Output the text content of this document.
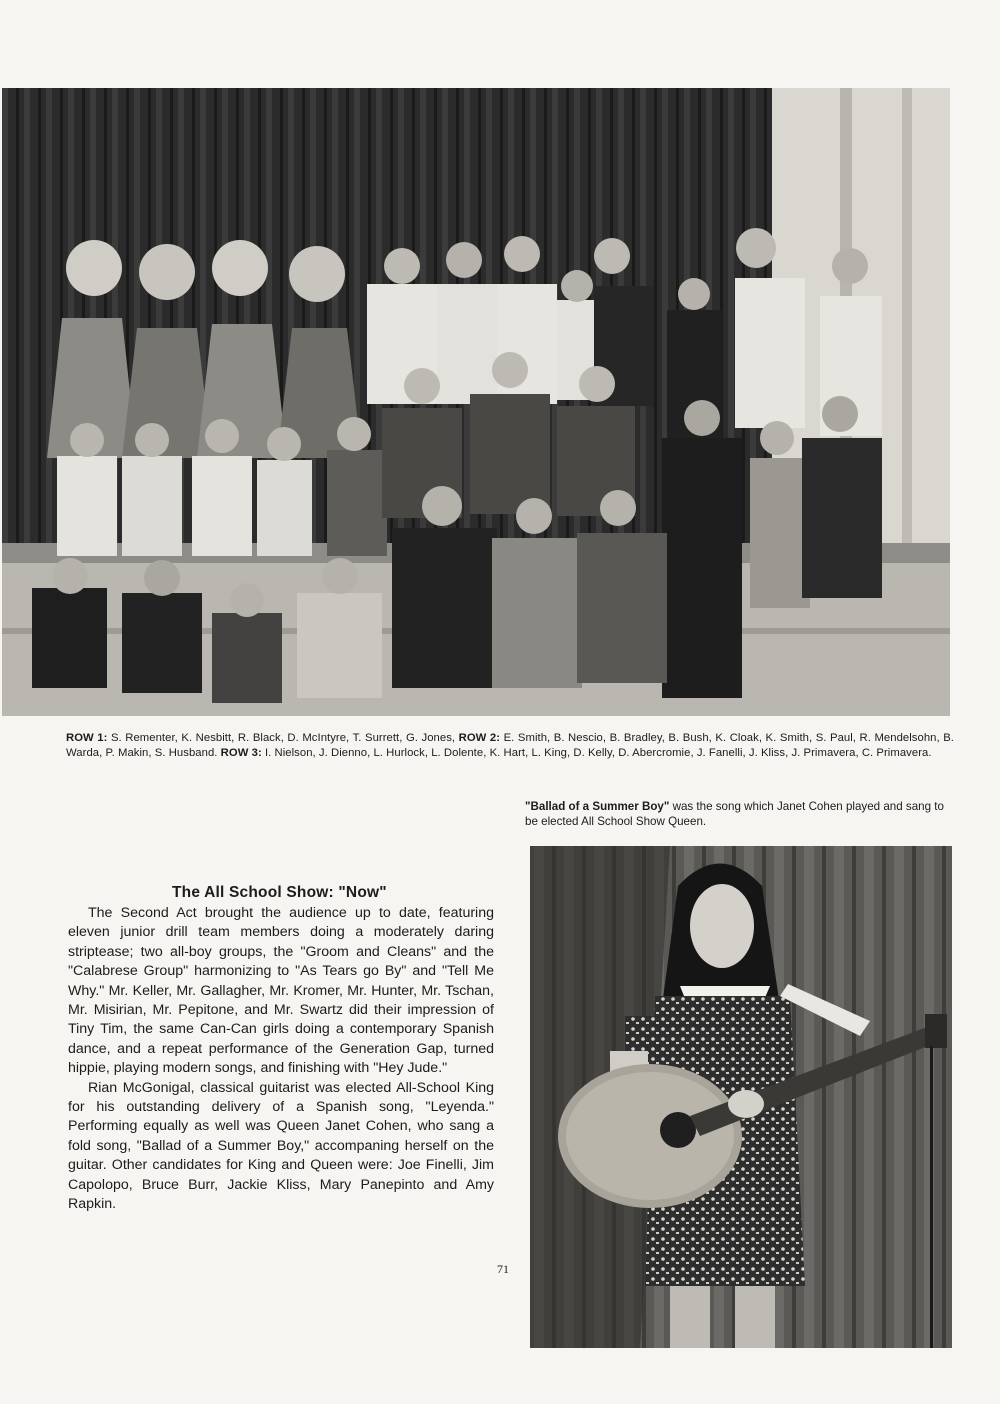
ROW 1: S. Rementer, K. Nesbitt, R. Black, D. McIntyre, T. Surrett, G. Jones, ROW 2: E. Smith, B. Nescio, B. Bradley, B. Bush, K. Cloak, K. Smith, S. Paul, R. Mendelsohn, B. Warda, P. Makin, S. Husband. ROW 3: I. Nielson, J. Dienno, L. Hurlock, L. Dolente, K. Hart, L. King, D. Kelly, D. Abercromie, J. Fanelli, J. Kliss, J. Primavera, C. Primavera.
"Ballad of a Summer Boy" was the song which Janet Cohen played and sang to be elected All School Show Queen.
The All School Show: "Now"

The Second Act brought the audience up to date, featuring eleven junior drill team members doing a moderately daring striptease; two all-boy groups, the "Groom and Cleans" and the "Calabrese Group" harmonizing to "As Tears go By" and "Tell Me Why." Mr. Keller, Mr. Gallagher, Mr. Kromer, Mr. Hunter, Mr. Tschan, Mr. Misirian, Mr. Pepitone, and Mr. Swartz did their impression of Tiny Tim, the same Can-Can girls doing a contemporary Spanish dance, and a repeat performance of the Generation Gap, turned hippie, playing modern songs, and finishing with "Hey Jude."

Rian McGonigal, classical guitarist was elected All-School King for his outstanding delivery of a Spanish song, "Leyenda." Performing equally as well was Queen Janet Cohen, who sang a fold song, "Ballad of a Summer Boy," accompaning herself on the guitar. Other candidates for King and Queen were: Joe Finelli, Jim Capolopo, Bruce Burr, Jackie Kliss, Mary Panepinto and Amy Rapkin.

71
